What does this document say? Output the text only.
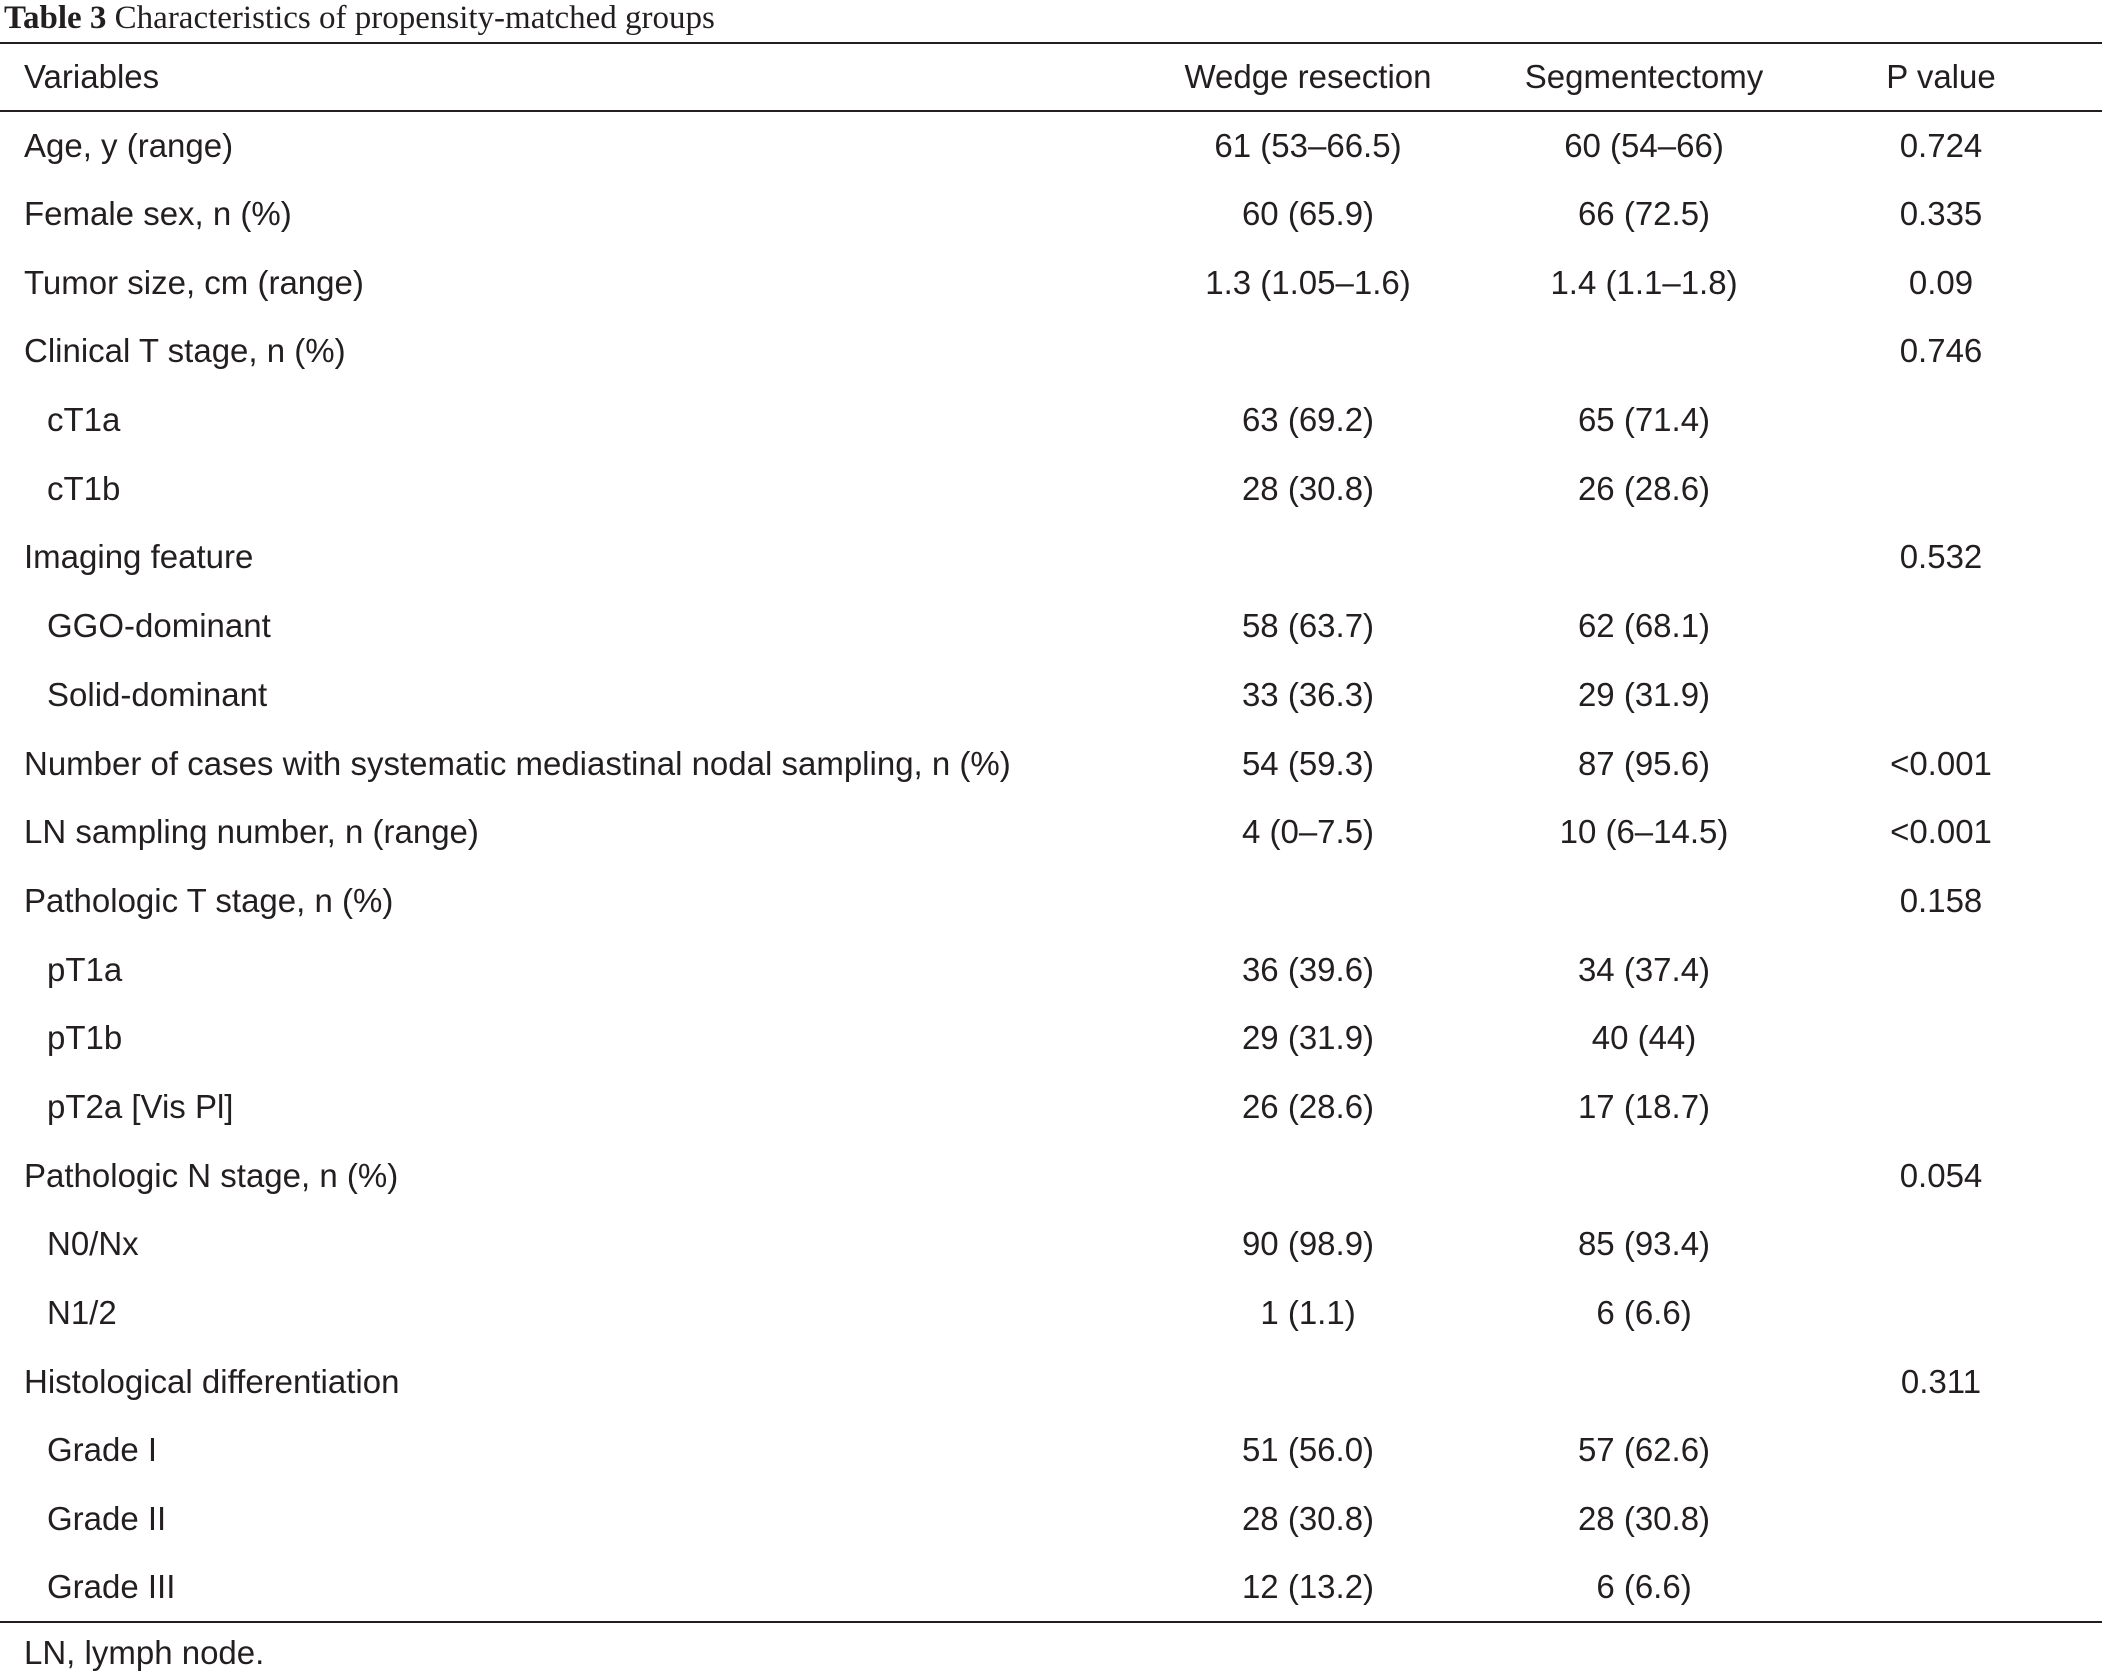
Table 3 Characteristics of propensity-matched groups
Variables	Wedge resection	Segmentectomy	P value
Age, y (range)	61 (53–66.5)	60 (54–66)	0.724
Female sex, n (%)	60 (65.9)	66 (72.5)	0.335
Tumor size, cm (range)	1.3 (1.05–1.6)	1.4 (1.1–1.8)	0.09
Clinical T stage, n (%)			0.746
cT1a	63 (69.2)	65 (71.4)	
cT1b	28 (30.8)	26 (28.6)	
Imaging feature			0.532
GGO-dominant	58 (63.7)	62 (68.1)	
Solid-dominant	33 (36.3)	29 (31.9)	
Number of cases with systematic mediastinal nodal sampling, n (%)	54 (59.3)	87 (95.6)	<0.001
LN sampling number, n (range)	4 (0–7.5)	10 (6–14.5)	<0.001
Pathologic T stage, n (%)			0.158
pT1a	36 (39.6)	34 (37.4)	
pT1b	29 (31.9)	40 (44)	
pT2a [Vis Pl]	26 (28.6)	17 (18.7)	
Pathologic N stage, n (%)			0.054
N0/Nx	90 (98.9)	85 (93.4)	
N1/2	1 (1.1)	6 (6.6)	
Histological differentiation			0.311
Grade I	51 (56.0)	57 (62.6)	
Grade II	28 (30.8)	28 (30.8)	
Grade III	12 (13.2)	6 (6.6)	
LN, lymph node.
